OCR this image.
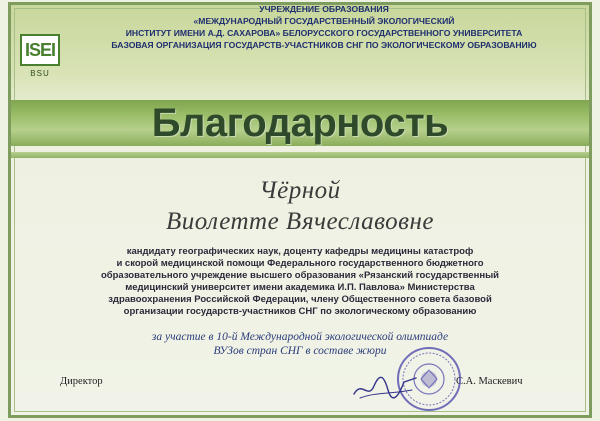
ISEI
BSU
УЧРЕЖДЕНИЕ ОБРАЗОВАНИЯ
«МЕЖДУНАРОДНЫЙ ГОСУДАРСТВЕННЫЙ ЭКОЛОГИЧЕСКИЙ
ИНСТИТУТ ИМЕНИ А.Д. САХАРОВА» БЕЛОРУССКОГО ГОСУДАРСТВЕННОГО УНИВЕРСИТЕТА
БАЗОВАЯ ОРГАНИЗАЦИЯ ГОСУДАРСТВ-УЧАСТНИКОВ СНГ ПО ЭКОЛОГИЧЕСКОМУ ОБРАЗОВАНИЮ
Благодарность
Чёрной
Виолетте Вячеславовне
кандидату географических наук, доценту кафедры медицины катастроф
и скорой медицинской помощи Федерального государственного бюджетного
образовательного учреждение высшего образования «Рязанский государственный
медицинский университет имени академика И.П. Павлова» Министерства
здравоохранения Российской Федерации, члену Общественного совета базовой
организации государств-участников СНГ по экологическому образованию
за участие в 10-й Международной экологической олимпиаде
ВУЗов стран СНГ в составе жюри
Директор	С.А. Маскевич
